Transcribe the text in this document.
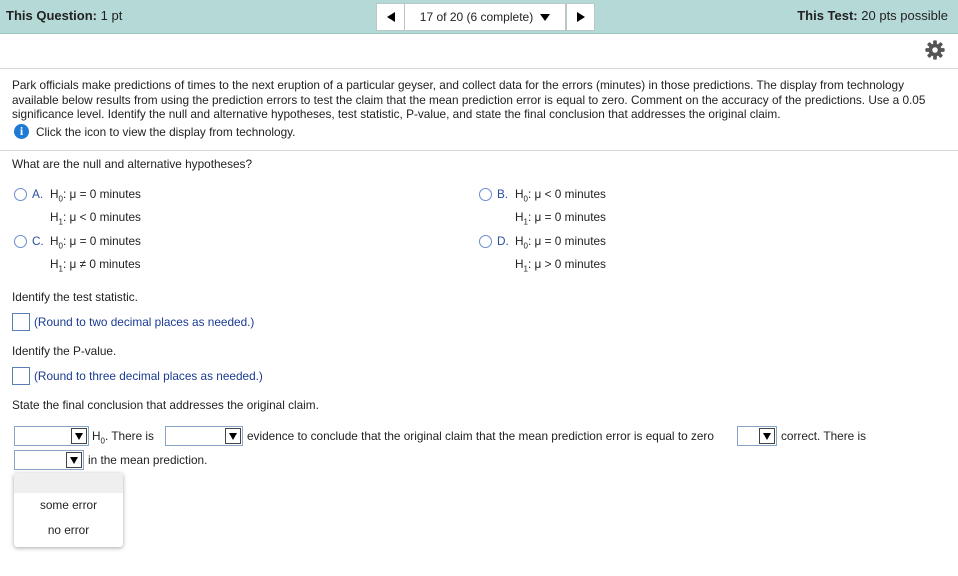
This Question: 1 pt	17 of 20 (6 complete)	This Test: 20 pts possible
Park officials make predictions of times to the next eruption of a particular geyser, and collect data for the errors (minutes) in those predictions. The display from technology available below results from using the prediction errors to test the claim that the mean prediction error is equal to zero. Comment on the accuracy of the predictions. Use a 0.05 significance level. Identify the null and alternative hypotheses, test statistic, P-value, and state the final conclusion that addresses the original claim.
i	Click the icon to view the display from technology.
What are the null and alternative hypotheses?
A. $H_0$: μ = 0 minutes
$H_1$: μ < 0 minutes
B. $H_0$: μ < 0 minutes
$H_1$: μ = 0 minutes
C. $H_0$: μ = 0 minutes
$H_1$: μ ≠ 0 minutes
D. $H_0$: μ = 0 minutes
$H_1$: μ > 0 minutes
Identify the test statistic.
(Round to two decimal places as needed.)
Identify the P-value.
(Round to three decimal places as needed.)
State the final conclusion that addresses the original claim.
$H_0$. There is	evidence to conclude that the original claim that the mean prediction error is equal to zero	correct. There is
in the mean prediction.
some error
no error
